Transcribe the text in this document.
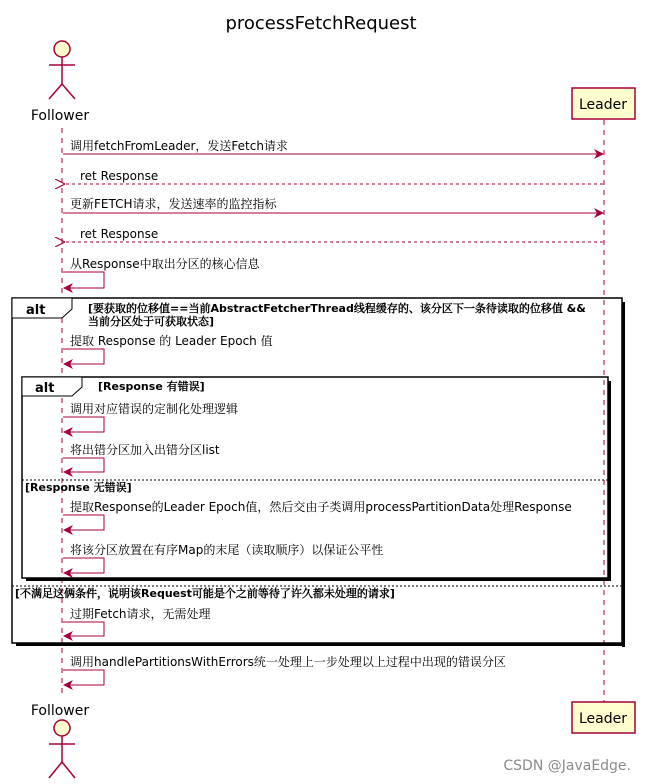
processFetchRequest
Follower
Leader
调用fetchFromLeader，发送Fetch请求
ret Response
更新FETCH请求，发送速率的监控指标
ret Response
从Response中取出分区的核心信息
alt	[要获取的位移值==当前AbstractFetcherThread线程缓存的、该分区下一条待读取的位移值 &&
当前分区处于可获取状态]
[不满足这俩条件，说明该Request可能是个之前等待了许久都未处理的请求]
提取 Response 的 Leader Epoch 值
alt	[Response 有错误]
[Response 无错误]
调用对应错误的定制化处理逻辑
将出错分区加入出错分区list
提取Response的Leader Epoch值，然后交由子类调用processPartitionData处理Response
将该分区放置在有序Map的末尾（读取顺序）以保证公平性
过期Fetch请求，无需处理
调用handlePartitionsWithErrors统一处理上一步处理以上过程中出现的错误分区
Follower	Leader
CSDN @JavaEdge.
